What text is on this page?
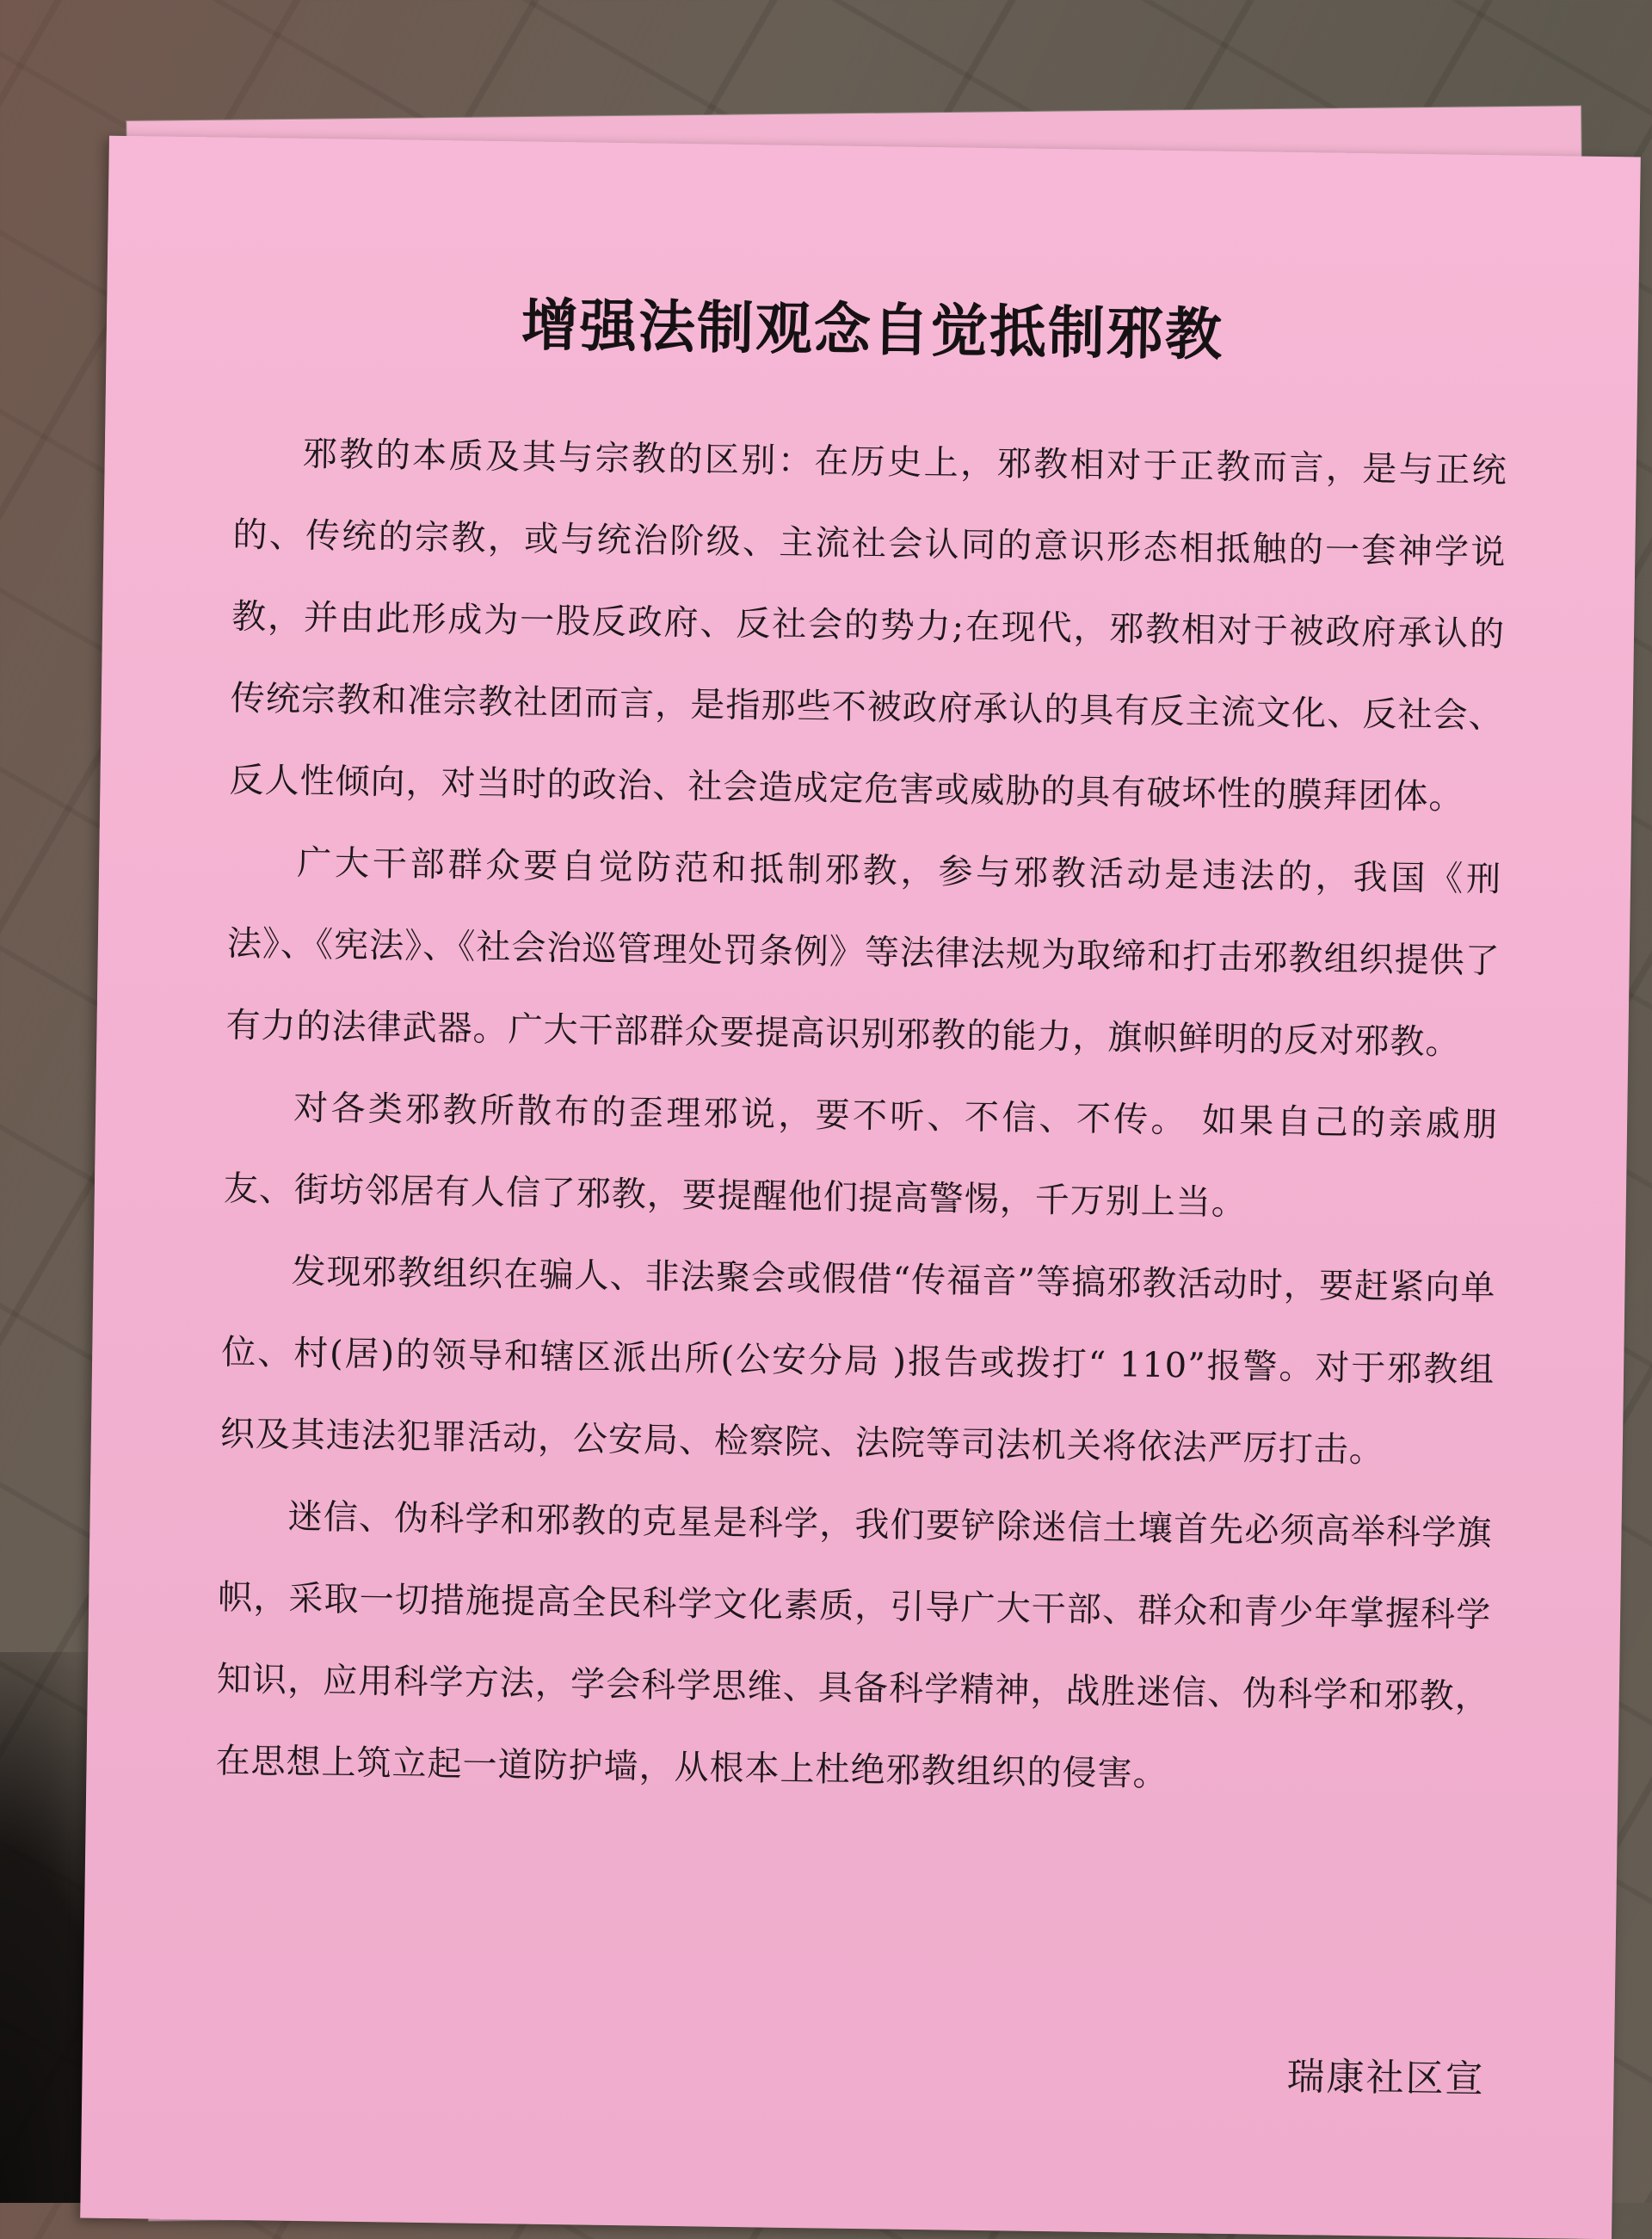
增强法制观念自觉抵制邪教

邪教的本质及其与宗教的区别：在历史上，邪教相对于正教而言，是与正统的、传统的宗教，或与统治阶级、主流社会认同的意识形态相抵触的一套神学说教，并由此形成为一股反政府、反社会的势力;在现代，邪教相对于被政府承认的传统宗教和准宗教社团而言，是指那些不被政府承认的具有反主流文化、反社会、反人性倾向，对当时的政治、社会造成定危害或威胁的具有破坏性的膜拜团体。

广大干部群众要自觉防范和抵制邪教，参与邪教活动是违法的，我国《刑法》、《宪法》、《社会治巡管理处罚条例》等法律法规为取缔和打击邪教组织提供了有力的法律武器。广大干部群众要提高识别邪教的能力，旗帜鲜明的反对邪教。

对各类邪教所散布的歪理邪说，要不听、不信、不传。 如果自己的亲戚朋友、街坊邻居有人信了邪教，要提醒他们提高警惕，千万别上当。

发现邪教组织在骗人、非法聚会或假借“传福音”等搞邪教活动时，要赶紧向单位、村(居)的领导和辖区派出所(公安分局 )报告或拨打“ 110”报警。对于邪教组织及其违法犯罪活动，公安局、检察院、法院等司法机关将依法严厉打击。

迷信、伪科学和邪教的克星是科学，我们要铲除迷信土壤首先必须高举科学旗帜，采取一切措施提高全民科学文化素质，引导广大干部、群众和青少年掌握科学知识，应用科学方法，学会科学思维、具备科学精神，战胜迷信、伪科学和邪教，在思想上筑立起一道防护墙，从根本上杜绝邪教组织的侵害。

瑞康社区宣
